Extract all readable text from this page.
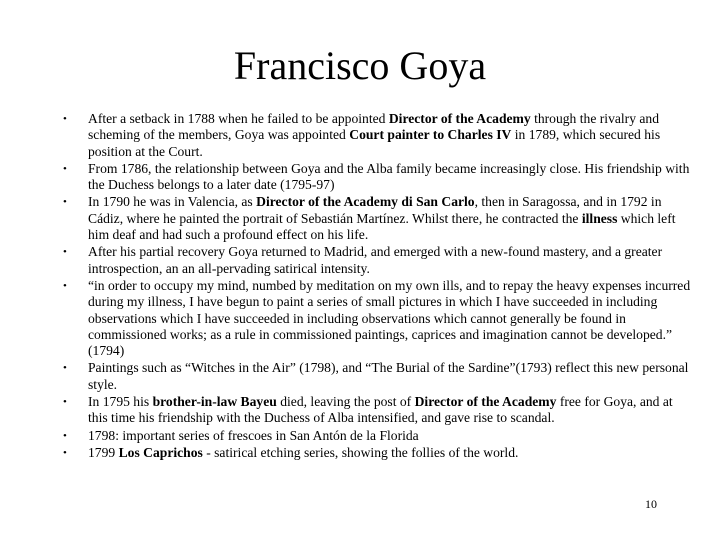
Francisco Goya
• After a setback in 1788 when he failed to be appointed Director of the Academy through the rivalry and scheming of the members, Goya was appointed Court painter to Charles IV in 1789, which secured his position at the Court.
• From 1786, the relationship between Goya and the Alba family became increasingly close. His friendship with the Duchess belongs to a later date (1795-97)
• In 1790 he was in Valencia, as Director of the Academy di San Carlo, then in Saragossa, and in 1792 in Cádiz, where he painted the portrait of Sebastián Martínez. Whilst there, he contracted the illness which left him deaf and had such a profound effect on his life.
• After his partial recovery Goya returned to Madrid, and emerged with a new-found mastery, and a greater introspection, an an all-pervading satirical intensity.
• “in order to occupy my mind, numbed by meditation on my own ills, and to repay the heavy expenses incurred during my illness, I have begun to paint a series of small pictures in which I have succeeded in including observations which I have succeeded in including observations which cannot generally be found in commissioned works; as a rule in commissioned paintings, caprices and imagination cannot be developed.” (1794)
• Paintings such as “Witches in the Air” (1798), and “The Burial of the Sardine”(1793) reflect this new personal style.
• In 1795 his brother-in-law Bayeu died, leaving the post of Director of the Academy free for Goya, and at this time his friendship with the Duchess of Alba intensified, and gave rise to scandal.
• 1798: important series of frescoes in San Antón de la Florida
• 1799 Los Caprichos - satirical etching series, showing the follies of the world.
10
